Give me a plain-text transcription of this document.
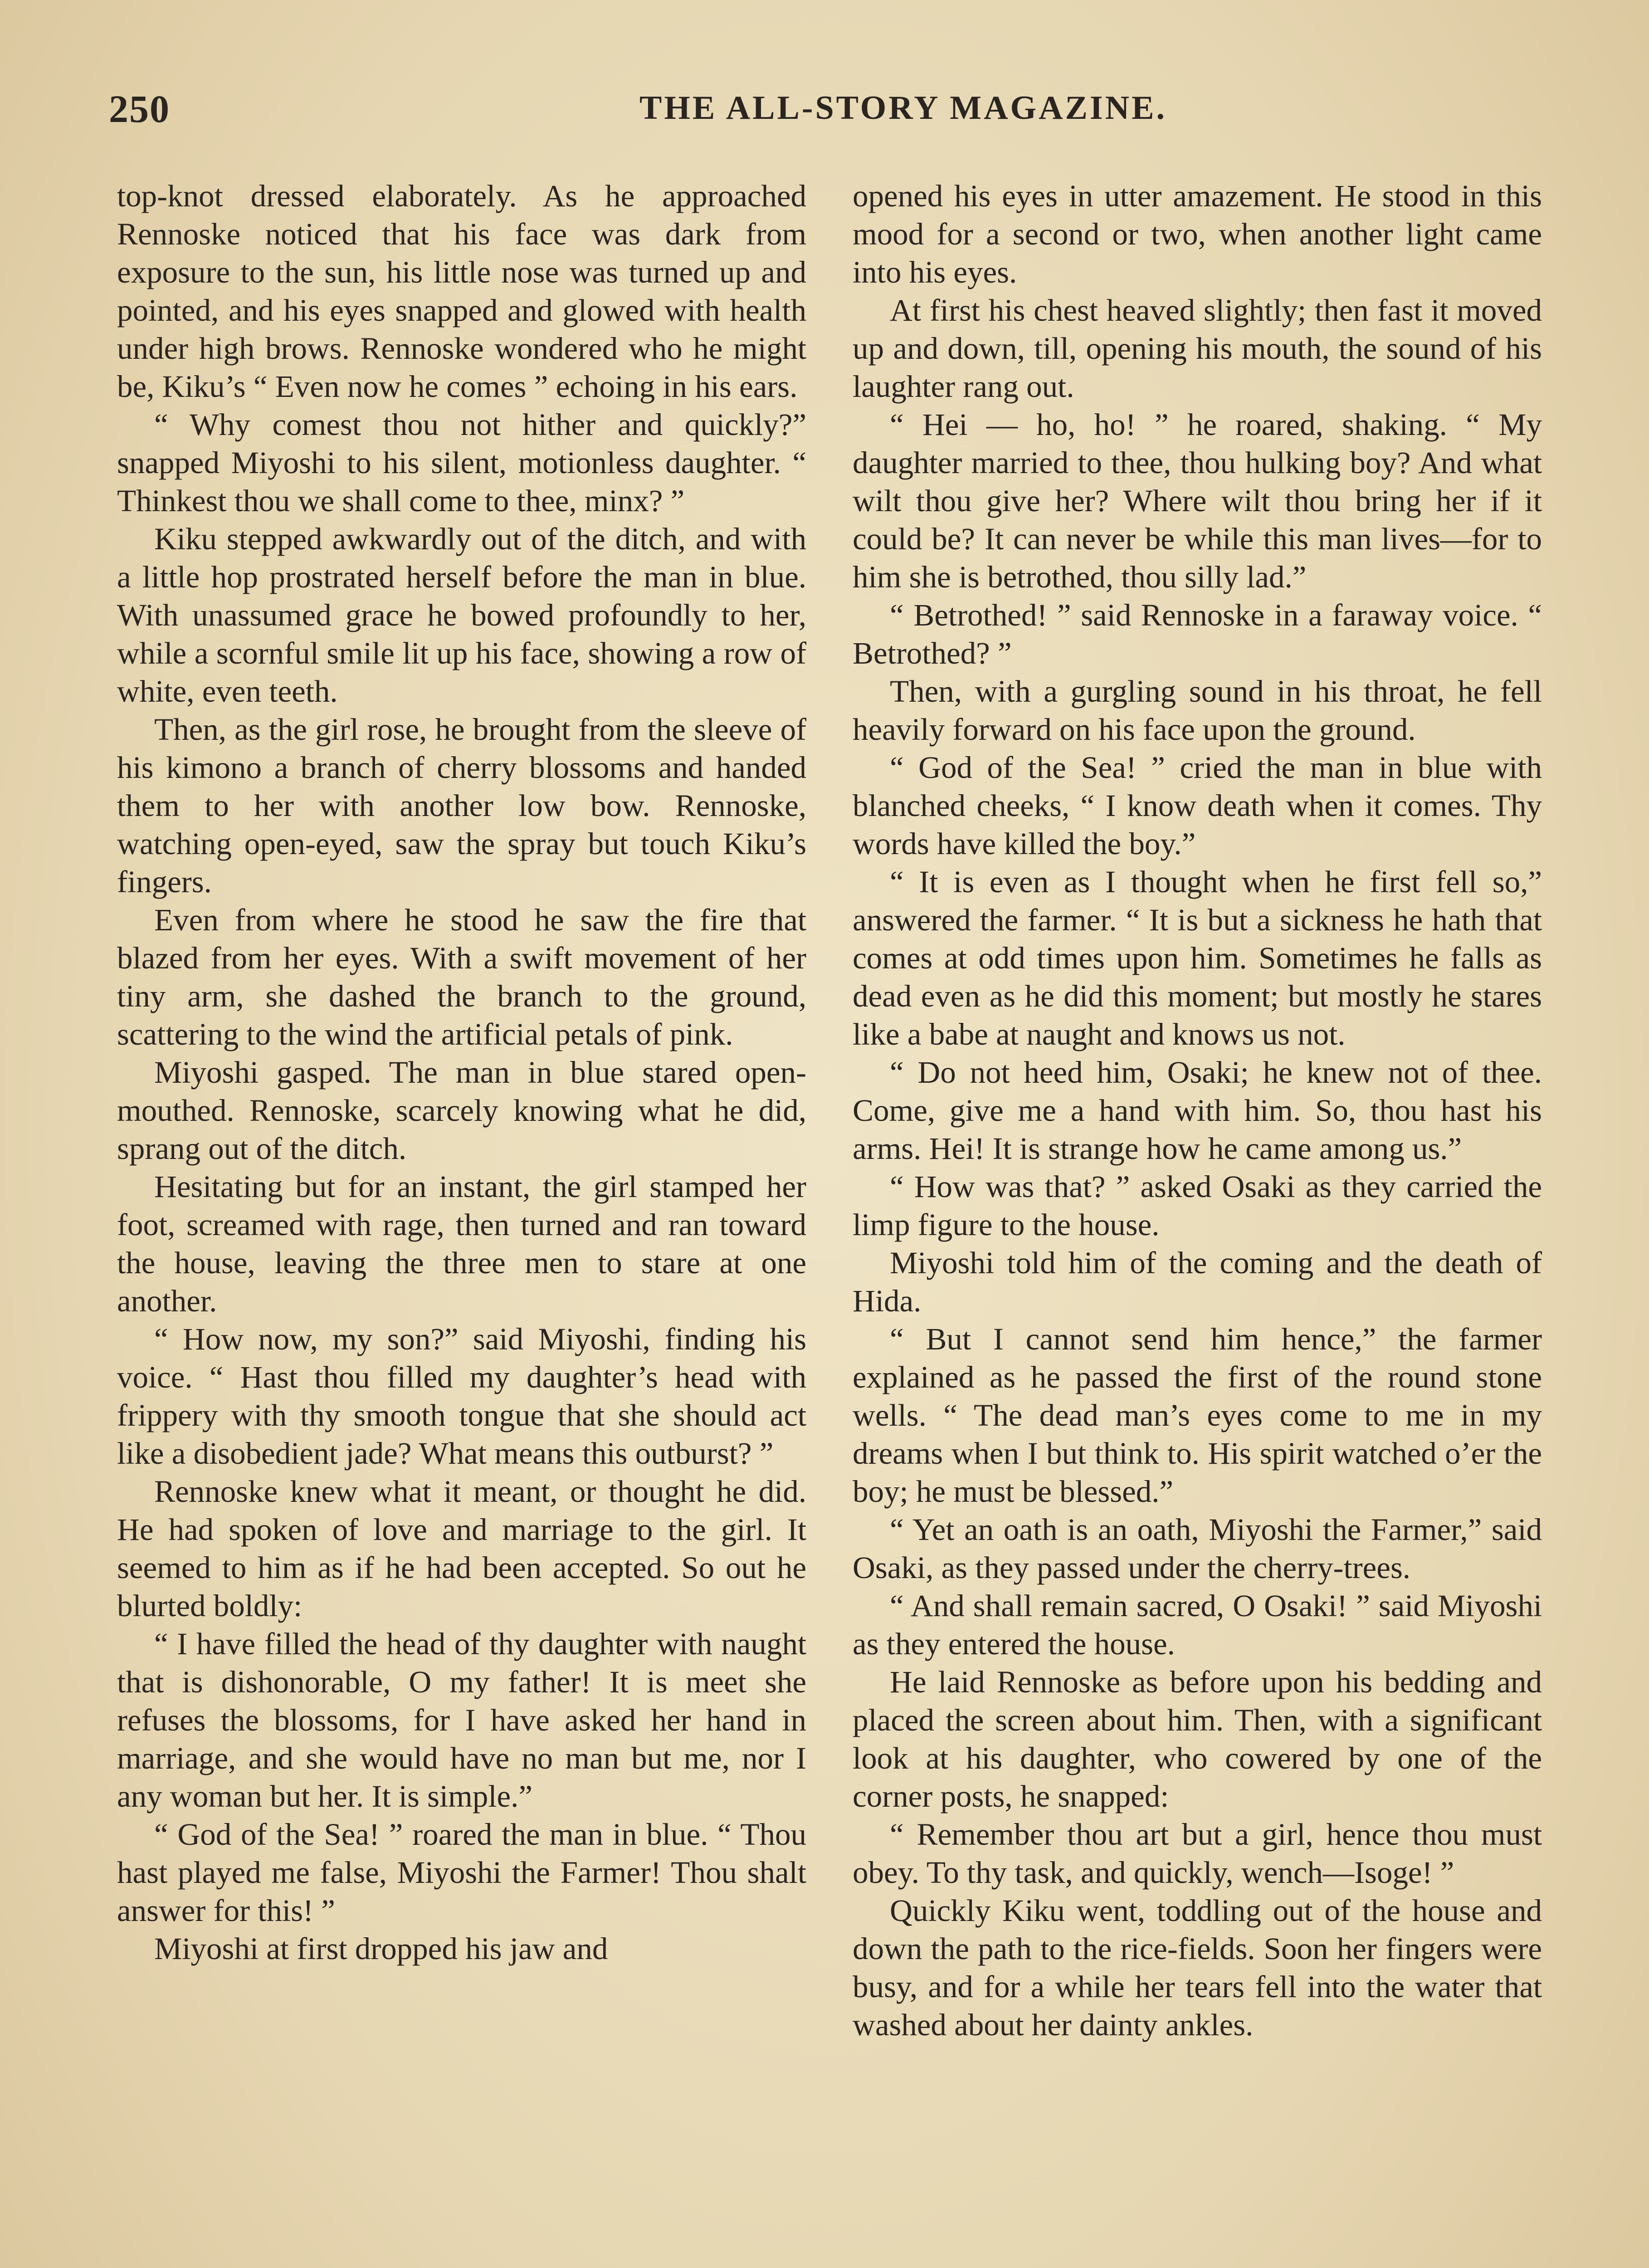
250	THE ALL-STORY MAGAZINE.

top-knot dressed elaborately. As he approached Rennoske noticed that his face was dark from exposure to the sun, his little nose was turned up and pointed, and his eyes snapped and glowed with health under high brows. Rennoske wondered who he might be, Kiku’s “ Even now he comes ” echoing in his ears.

“ Why comest thou not hither and quickly?” snapped Miyoshi to his silent, motionless daughter. “ Thinkest thou we shall come to thee, minx? ”

Kiku stepped awkwardly out of the ditch, and with a little hop prostrated herself before the man in blue. With unassumed grace he bowed profoundly to her, while a scornful smile lit up his face, showing a row of white, even teeth.

Then, as the girl rose, he brought from the sleeve of his kimono a branch of cherry blossoms and handed them to her with another low bow. Rennoske, watching open-eyed, saw the spray but touch Kiku’s fingers.

Even from where he stood he saw the fire that blazed from her eyes. With a swift movement of her tiny arm, she dashed the branch to the ground, scattering to the wind the artificial petals of pink.

Miyoshi gasped. The man in blue stared open-mouthed. Rennoske, scarcely knowing what he did, sprang out of the ditch.

Hesitating but for an instant, the girl stamped her foot, screamed with rage, then turned and ran toward the house, leaving the three men to stare at one another.

“ How now, my son?” said Miyoshi, finding his voice. “ Hast thou filled my daughter’s head with frippery with thy smooth tongue that she should act like a disobedient jade? What means this outburst? ”

Rennoske knew what it meant, or thought he did. He had spoken of love and marriage to the girl. It seemed to him as if he had been accepted. So out he blurted boldly:

“ I have filled the head of thy daughter with naught that is dishonorable, O my father! It is meet she refuses the blossoms, for I have asked her hand in marriage, and she would have no man but me, nor I any woman but her. It is simple.”

“ God of the Sea! ” roared the man in blue. “ Thou hast played me false, Miyoshi the Farmer! Thou shalt answer for this! ”

Miyoshi at first dropped his jaw and

opened his eyes in utter amazement. He stood in this mood for a second or two, when another light came into his eyes.

At first his chest heaved slightly; then fast it moved up and down, till, opening his mouth, the sound of his laughter rang out.

“ Hei — ho, ho! ” he roared, shaking. “ My daughter married to thee, thou hulking boy? And what wilt thou give her? Where wilt thou bring her if it could be? It can never be while this man lives—for to him she is betrothed, thou silly lad.”

“ Betrothed! ” said Rennoske in a faraway voice. “ Betrothed? ”

Then, with a gurgling sound in his throat, he fell heavily forward on his face upon the ground.

“ God of the Sea! ” cried the man in blue with blanched cheeks, “ I know death when it comes. Thy words have killed the boy.”

“ It is even as I thought when he first fell so,” answered the farmer. “ It is but a sickness he hath that comes at odd times upon him. Sometimes he falls as dead even as he did this moment; but mostly he stares like a babe at naught and knows us not.

“ Do not heed him, Osaki; he knew not of thee. Come, give me a hand with him. So, thou hast his arms. Hei! It is strange how he came among us.”

“ How was that? ” asked Osaki as they carried the limp figure to the house.

Miyoshi told him of the coming and the death of Hida.

“ But I cannot send him hence,” the farmer explained as he passed the first of the round stone wells. “ The dead man’s eyes come to me in my dreams when I but think to. His spirit watched o’er the boy; he must be blessed.”

“ Yet an oath is an oath, Miyoshi the Farmer,” said Osaki, as they passed under the cherry-trees.

“ And shall remain sacred, O Osaki! ” said Miyoshi as they entered the house.

He laid Rennoske as before upon his bedding and placed the screen about him. Then, with a significant look at his daughter, who cowered by one of the corner posts, he snapped:

“ Remember thou art but a girl, hence thou must obey. To thy task, and quickly, wench—Isoge! ”

Quickly Kiku went, toddling out of the house and down the path to the rice-fields. Soon her fingers were busy, and for a while her tears fell into the water that washed about her dainty ankles.
